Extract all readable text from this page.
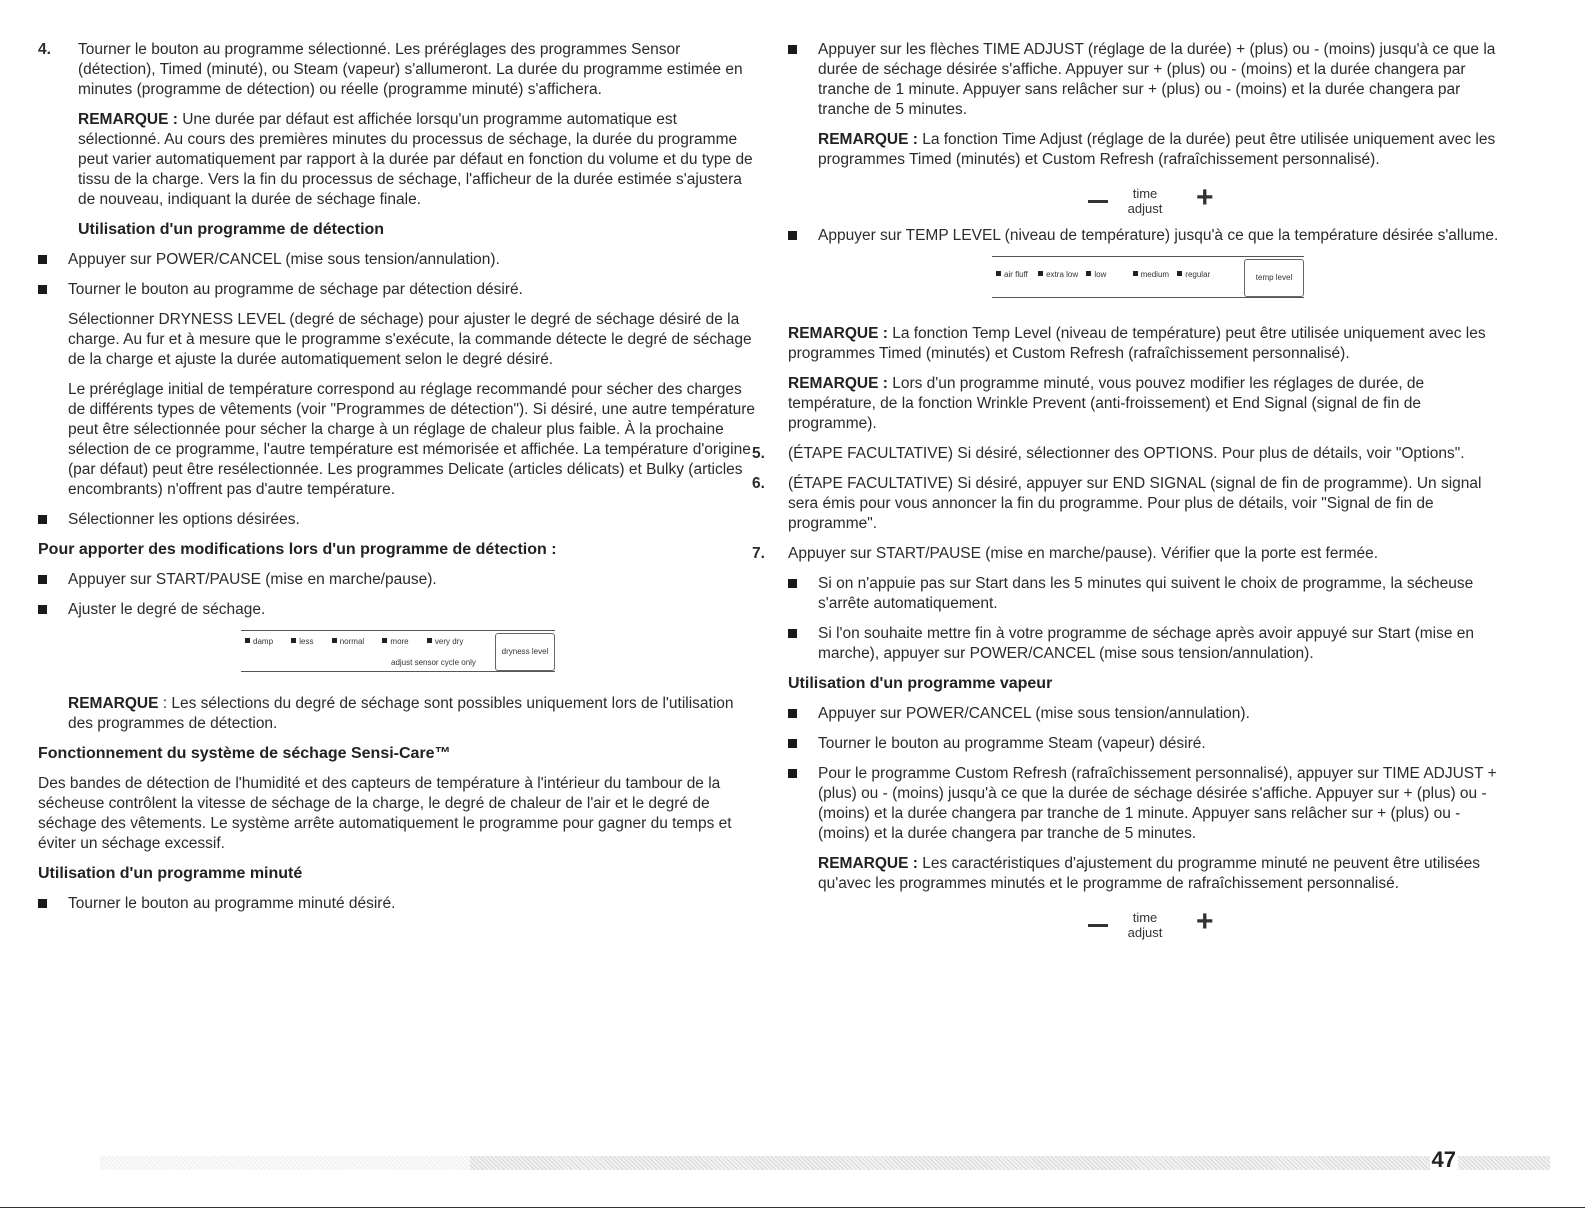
4. Tourner le bouton au programme sélectionné. Les préréglages des programmes Sensor (détection), Timed (minuté), ou Steam (vapeur) s'allumeront. La durée du programme estimée en minutes (programme de détection) ou réelle (programme minuté) s'affichera.

REMARQUE : Une durée par défaut est affichée lorsqu'un programme automatique est sélectionné. Au cours des premières minutes du processus de séchage, la durée du programme peut varier automatiquement par rapport à la durée par défaut en fonction du volume et du type de tissu de la charge. Vers la fin du processus de séchage, l'afficheur de la durée estimée s'ajustera de nouveau, indiquant la durée de séchage finale.

Utilisation d'un programme de détection
Appuyer sur POWER/CANCEL (mise sous tension/annulation).
Tourner le bouton au programme de séchage par détection désiré.

Sélectionner DRYNESS LEVEL (degré de séchage) pour ajuster le degré de séchage désiré de la charge. Au fur et à mesure que le programme s'exécute, la commande détecte le degré de séchage de la charge et ajuste la durée automatiquement selon le degré désiré.

Le préréglage initial de température correspond au réglage recommandé pour sécher des charges de différents types de vêtements (voir "Programmes de détection"). Si désiré, une autre température peut être sélectionnée pour sécher la charge à un réglage de chaleur plus faible. À la prochaine sélection de ce programme, l'autre température est mémorisée et affichée. La température d'origine (par défaut) peut être resélectionnée. Les programmes Delicate (articles délicats) et Bulky (articles encombrants) n'offrent pas d'autre température.

Sélectionner les options désirées.
Pour apporter des modifications lors d'un programme de détection :
Appuyer sur START/PAUSE (mise en marche/pause).
Ajuster le degré de séchage.
damp	less	normal	more	very dry
adjust sensor cycle only
dryness level

REMARQUE : Les sélections du degré de séchage sont possibles uniquement lors de l'utilisation des programmes de détection.

Fonctionnement du système de séchage Sensi-Care™

Des bandes de détection de l'humidité et des capteurs de température à l'intérieur du tambour de la sécheuse contrôlent la vitesse de séchage de la charge, le degré de chaleur de l'air et le degré de séchage des vêtements. Le système arrête automatiquement le programme pour gagner du temps et éviter un séchage excessif.

Utilisation d'un programme minuté
Tourner le bouton au programme minuté désiré.
Appuyer sur les flèches TIME ADJUST (réglage de la durée) + (plus) ou - (moins) jusqu'à ce que la durée de séchage désirée s'affiche. Appuyer sur + (plus) ou - (moins) et la durée changera par tranche de 1 minute. Appuyer sans relâcher sur + (plus) ou - (moins) et la durée changera par tranche de 5 minutes.

REMARQUE : La fonction Time Adjust (réglage de la durée) peut être utilisée uniquement avec les programmes Timed (minutés) et Custom Refresh (rafraîchissement personnalisé).

time
adjust +
Appuyer sur TEMP LEVEL (niveau de température) jusqu'à ce que la température désirée s'allume.
air fluff extra low low	medium regular	temp level

REMARQUE : La fonction Temp Level (niveau de température) peut être utilisée uniquement avec les programmes Timed (minutés) et Custom Refresh (rafraîchissement personnalisé).

REMARQUE : Lors d'un programme minuté, vous pouvez modifier les réglages de durée, de température, de la fonction Wrinkle Prevent (anti-froissement) et End Signal (signal de fin de programme).

5. (ÉTAPE FACULTATIVE) Si désiré, sélectionner des OPTIONS. Pour plus de détails, voir "Options".

6. (ÉTAPE FACULTATIVE) Si désiré, appuyer sur END SIGNAL (signal de fin de programme). Un signal sera émis pour vous annoncer la fin du programme. Pour plus de détails, voir "Signal de fin de programme".

7. Appuyer sur START/PAUSE (mise en marche/pause). Vérifier que la porte est fermée.

Si on n'appuie pas sur Start dans les 5 minutes qui suivent le choix de programme, la sécheuse s'arrête automatiquement.
Si l'on souhaite mettre fin à votre programme de séchage après avoir appuyé sur Start (mise en marche), appuyer sur POWER/CANCEL (mise sous tension/annulation).
Utilisation d'un programme vapeur
Appuyer sur POWER/CANCEL (mise sous tension/annulation).
Tourner le bouton au programme Steam (vapeur) désiré.
Pour le programme Custom Refresh (rafraîchissement personnalisé), appuyer sur TIME ADJUST + (plus) ou - (moins) jusqu'à ce que la durée de séchage désirée s'affiche. Appuyer sur + (plus) ou - (moins) et la durée changera par tranche de 1 minute. Appuyer sans relâcher sur + (plus) ou - (moins) et la durée changera par tranche de 5 minutes.

REMARQUE : Les caractéristiques d'ajustement du programme minuté ne peuvent être utilisées qu'avec les programmes minutés et le programme de rafraîchissement personnalisé.

time
adjust +
47
